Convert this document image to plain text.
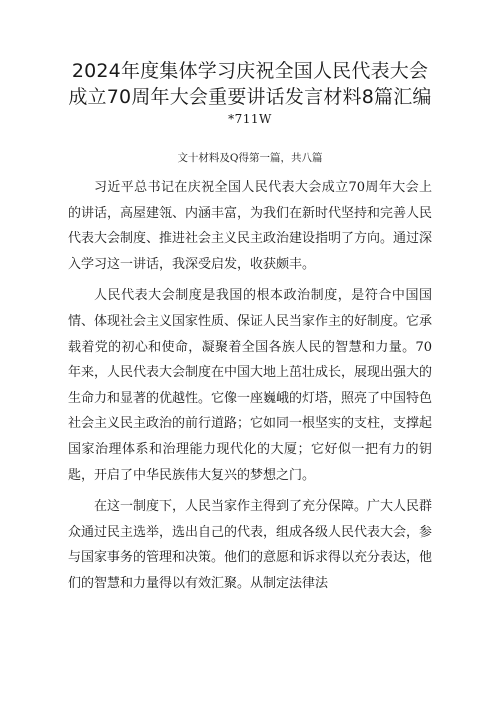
2024年度集体学习庆祝全国人民代表大会成立70周年大会重要讲话发言材料8篇汇编
*711W
文十材料及Q得第一篇，共八篇

习近平总书记在庆祝全国人民代表大会成立70周年大会上的讲话，高屋建瓴、内涵丰富，为我们在新时代坚持和完善人民代表大会制度、推进社会主义民主政治建设指明了方向。通过深入学习这一讲话，我深受启发，收获颇丰。

人民代表大会制度是我国的根本政治制度，是符合中国国情、体现社会主义国家性质、保证人民当家作主的好制度。它承载着党的初心和使命，凝聚着全国各族人民的智慧和力量。70年来，人民代表大会制度在中国大地上茁壮成长，展现出强大的生命力和显著的优越性。它像一座巍峨的灯塔，照亮了中国特色社会主义民主政治的前行道路；它如同一根坚实的支柱，支撑起国家治理体系和治理能力现代化的大厦；它好似一把有力的钥匙，开启了中华民族伟大复兴的梦想之门。

在这一制度下，人民当家作主得到了充分保障。广大人民群众通过民主选举，选出自己的代表，组成各级人民代表大会，参与国家事务的管理和决策。他们的意愿和诉求得以充分表达，他们的智慧和力量得以有效汇聚。从制定法律法
